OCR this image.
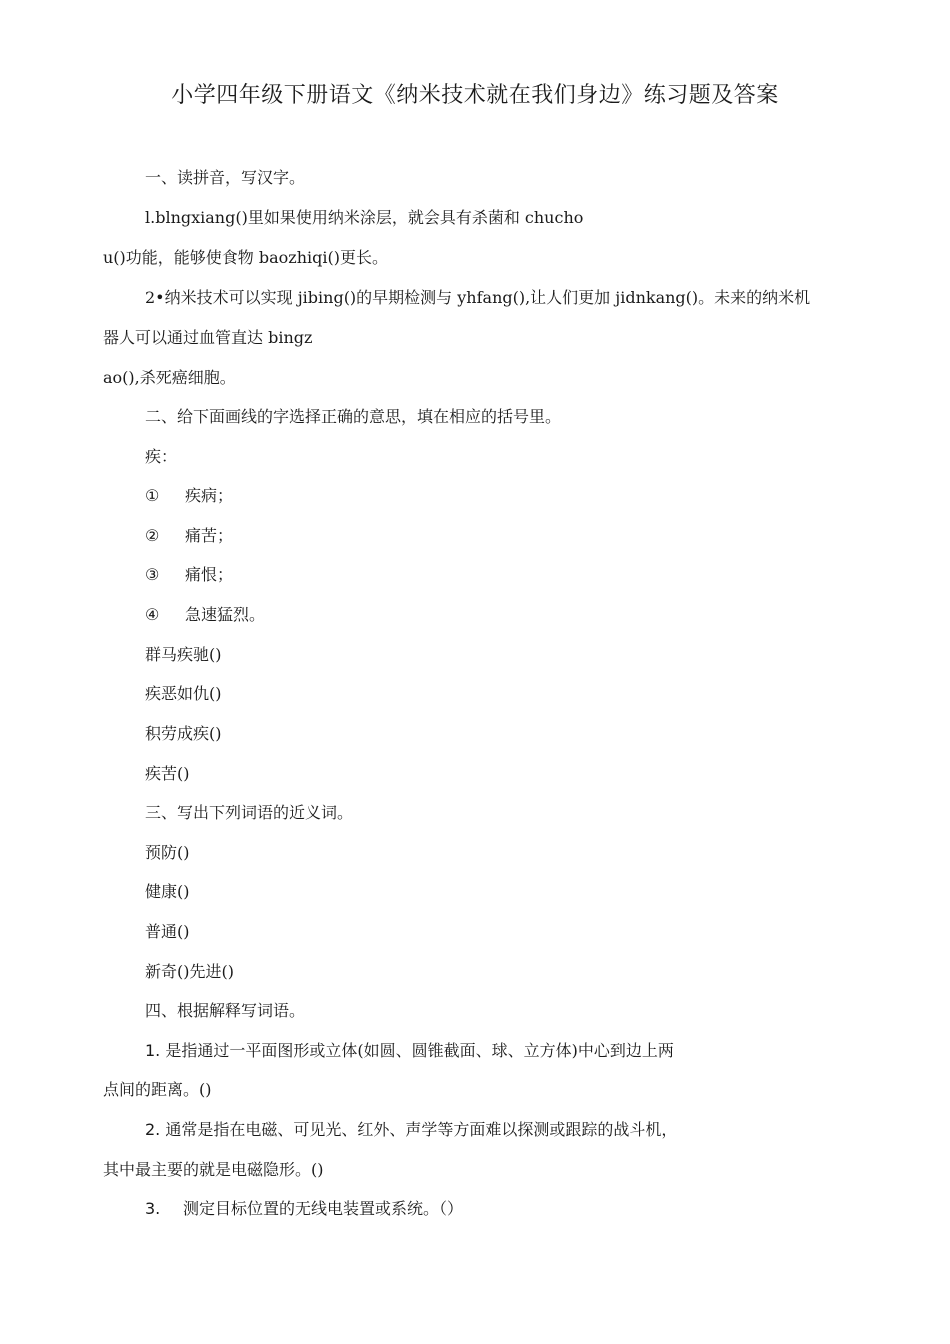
小学四年级下册语文《纳米技术就在我们身边》练习题及答案
一、读拼音，写汉字。
l.blngxiang()里如果使用纳米涂层，就会具有杀菌和 chucho
u()功能，能够使食物 baozhiqi()更长。
2•纳米技术可以实现 jibing()的早期检测与 yhfang(),让人们更加 jidnkang()。未来的纳米机
器人可以通过血管直达 bingz
ao(),杀死癌细胞。
二、给下面画线的字选择正确的意思，填在相应的括号里。
疾：
① 疾病；
② 痛苦；
③ 痛恨；
④ 急速猛烈。
群马疾驰()
疾恶如仇()
积劳成疾()
疾苦()
三、写出下列词语的近义词。
预防()
健康()
普通()
新奇()先进()
四、根据解释写词语。
1. 是指通过一平面图形或立体(如圆、圆锥截面、球、立方体)中心到边上两
点间的距离。()
2. 通常是指在电磁、可见光、红外、声学等方面难以探测或跟踪的战斗机，
其中最主要的就是电磁隐形。()
3. 测定目标位置的无线电装置或系统。（）
